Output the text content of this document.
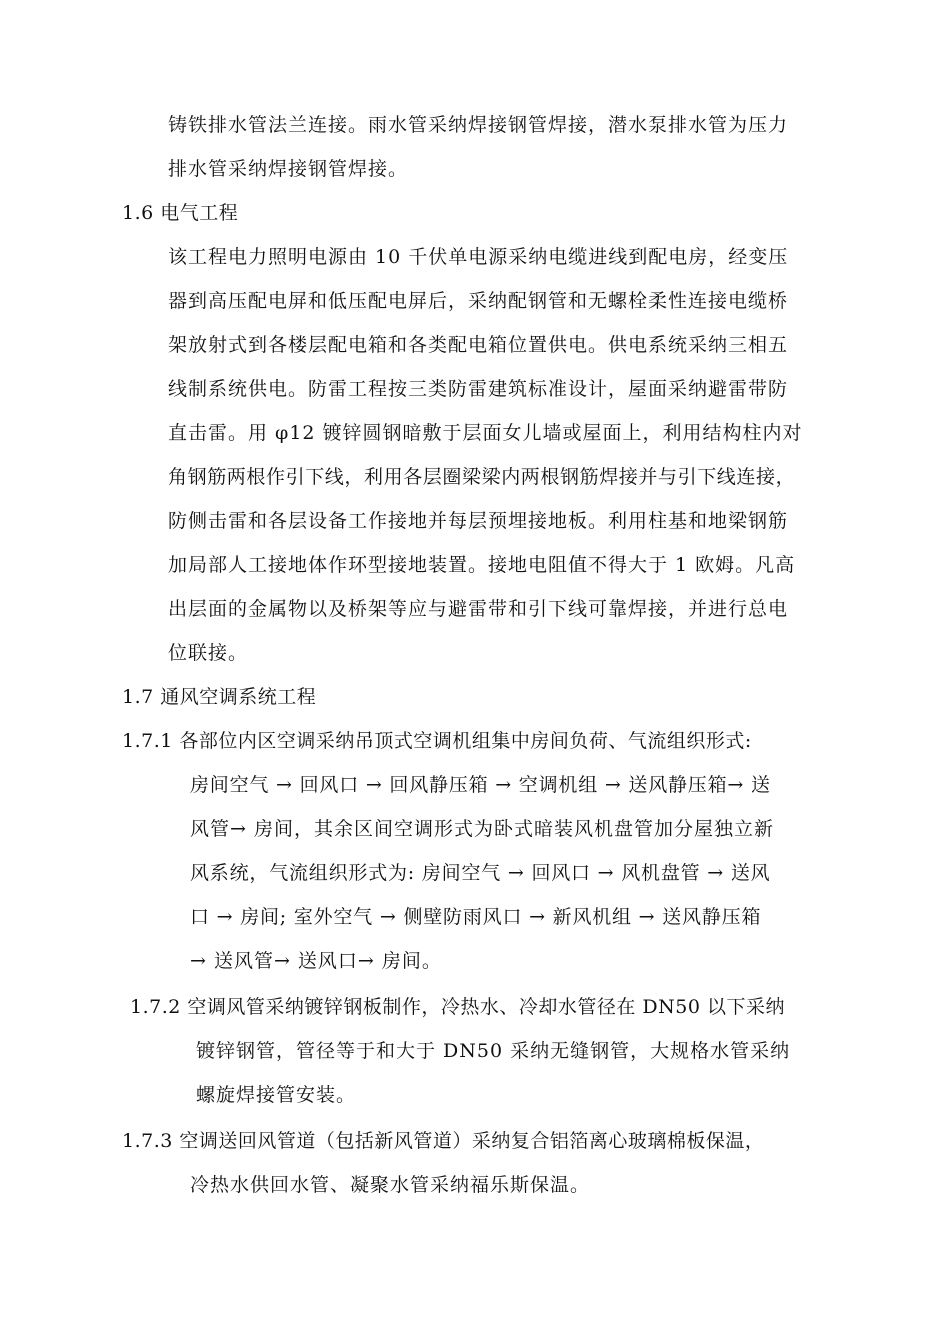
铸铁排水管法兰连接。雨水管采纳焊接钢管焊接，潜水泵排水管为压力
排水管采纳焊接钢管焊接。
1.6 电气工程
该工程电力照明电源由 10 千伏单电源采纳电缆进线到配电房，经变压
器到高压配电屏和低压配电屏后，采纳配钢管和无螺栓柔性连接电缆桥
架放射式到各楼层配电箱和各类配电箱位置供电。供电系统采纳三相五
线制系统供电。防雷工程按三类防雷建筑标准设计，屋面采纳避雷带防
直击雷。用 φ12 镀锌圆钢暗敷于层面女儿墙或屋面上，利用结构柱内对
角钢筋两根作引下线，利用各层圈梁梁内两根钢筋焊接并与引下线连接，
防侧击雷和各层设备工作接地并每层预埋接地板。利用柱基和地梁钢筋
加局部人工接地体作环型接地装置。接地电阻值不得大于 1 欧姆。凡高
出层面的金属物以及桥架等应与避雷带和引下线可靠焊接，并进行总电
位联接。
1.7 通风空调系统工程
1.7.1 各部位内区空调采纳吊顶式空调机组集中房间负荷、气流组织形式:
房间空气 → 回风口 → 回风静压箱 → 空调机组 → 送风静压箱→ 送
风管→ 房间，其余区间空调形式为卧式暗装风机盘管加分屋独立新
风系统，气流组织形式为: 房间空气 → 回风口 → 风机盘管 → 送风
口 → 房间; 室外空气 → 侧壁防雨风口 → 新风机组 → 送风静压箱
→ 送风管→ 送风口→ 房间。
1.7.2 空调风管采纳镀锌钢板制作，冷热水、冷却水管径在 DN50 以下采纳
镀锌钢管，管径等于和大于 DN50 采纳无缝钢管，大规格水管采纳
螺旋焊接管安装。
1.7.3 空调送回风管道（包括新风管道）采纳复合铝箔离心玻璃棉板保温，
冷热水供回水管、凝聚水管采纳福乐斯保温。
